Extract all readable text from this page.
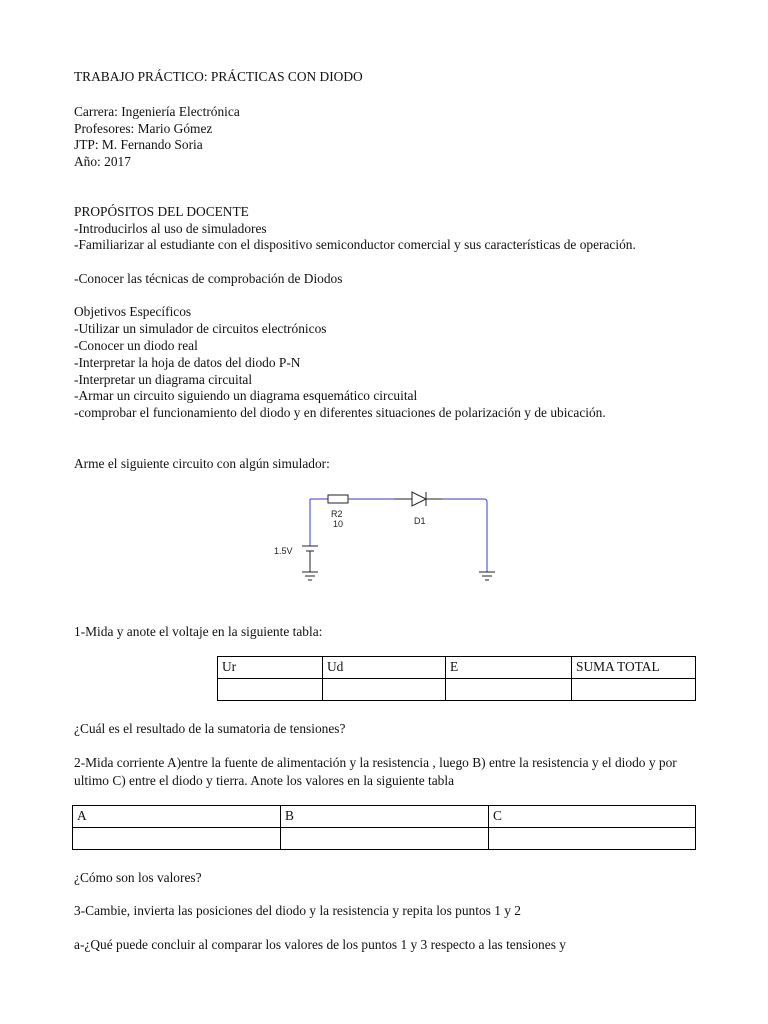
TRABAJO PRÁCTICO: PRÁCTICAS CON DIODO
Carrera: Ingeniería Electrónica
Profesores: Mario Gómez
JTP: M. Fernando Soria
Año: 2017
PROPÓSITOS DEL DOCENTE
-Introducirlos al uso de simuladores
-Familiarizar al estudiante con el dispositivo semiconductor comercial y sus características de operación.
-Conocer las técnicas de comprobación de Diodos
Objetivos Específicos
-Utilizar un simulador de circuitos electrónicos
-Conocer un diodo real
-Interpretar la hoja de datos del diodo P-N
-Interpretar un diagrama circuital
-Armar un circuito siguiendo un diagrama esquemático circuital
-comprobar el funcionamiento del diodo y en diferentes situaciones de polarización y de ubicación.
Arme el siguiente circuito con algún simulador:
R2
10	D1
1.5V
1-Mida y anote el voltaje en la siguiente tabla:
Ur	Ud	E	SUMA TOTAL

¿Cuál es el resultado de la sumatoria de tensiones?
2-Mida corriente A)entre la fuente de alimentación y la resistencia , luego B) entre la resistencia y el diodo y por ultimo C) entre el diodo y tierra. Anote los valores en la siguiente tabla
A	B	C

¿Cómo son los valores?
3-Cambie, invierta las posiciones del diodo y la resistencia y repita los puntos 1 y 2
a-¿Qué puede concluir al comparar los valores de los puntos 1 y 3 respecto a las tensiones y
